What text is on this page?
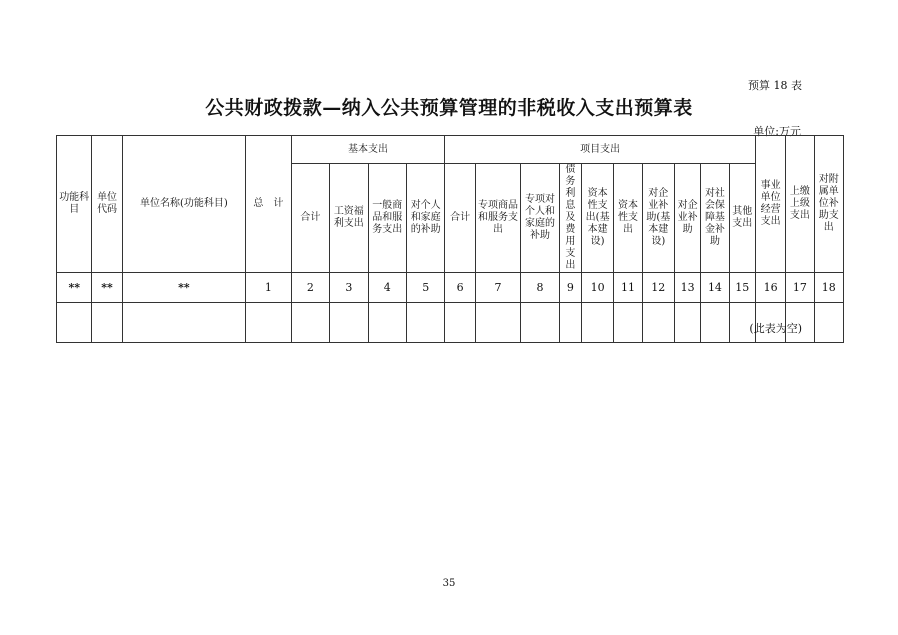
预算 18 表
公共财政拨款—纳入公共预算管理的非税收入支出预算表
单位:万元
功能科目	单位代码	单位名称(功能科目)	总　计	基本支出				项目支出										事业单位经营支出	上缴上级支出	对附属单位补助支出
				合计	工资福利支出	一般商品和服务支出	对个人和家庭的补助	合计	专项商品和服务支出	专项对个人和家庭的补助	债务利息及费用支出	资本性支出(基本建设)	资本性支出	对企业补助(基本建设)	对企业补助	对社会保障基金补助	其他支出			
**	**	**	1	2	3	4	5	6	7	8	9	10	11	12	13	14	15	16	17	18

(此表为空)
35
